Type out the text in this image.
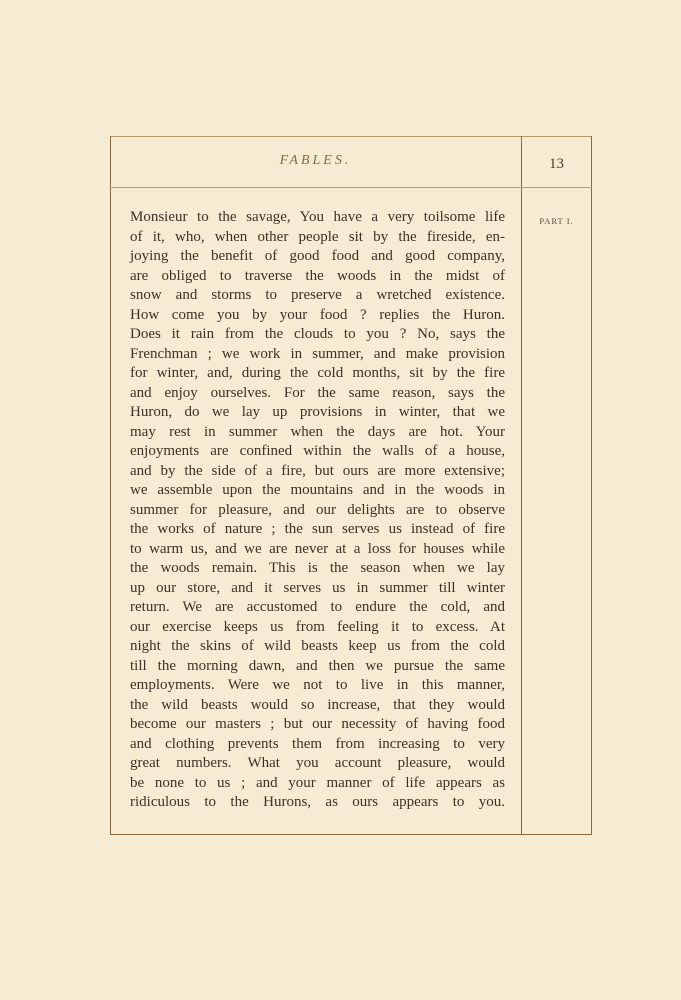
FABLES.	13
PART I.
Monsieur to the savage, You have a very toilsome life
of it, who, when other people sit by the fireside, en-
joying the benefit of good food and good company,
are obliged to traverse the woods in the midst of
snow and storms to preserve a wretched existence.
How come you by your food ? replies the Huron.
Does it rain from the clouds to you ? No, says the
Frenchman ; we work in summer, and make provision
for winter, and, during the cold months, sit by the fire
and enjoy ourselves. For the same reason, says the
Huron, do we lay up provisions in winter, that we
may rest in summer when the days are hot. Your
enjoyments are confined within the walls of a house,
and by the side of a fire, but ours are more extensive;
we assemble upon the mountains and in the woods in
summer for pleasure, and our delights are to observe
the works of nature ; the sun serves us instead of fire
to warm us, and we are never at a loss for houses while
the woods remain. This is the season when we lay
up our store, and it serves us in summer till winter
return. We are accustomed to endure the cold, and
our exercise keeps us from feeling it to excess. At
night the skins of wild beasts keep us from the cold
till the morning dawn, and then we pursue the same
employments. Were we not to live in this manner,
the wild beasts would so increase, that they would
become our masters ; but our necessity of having food
and clothing prevents them from increasing to very
great numbers. What you account pleasure, would
be none to us ; and your manner of life appears as
ridiculous to the Hurons, as ours appears to you.
